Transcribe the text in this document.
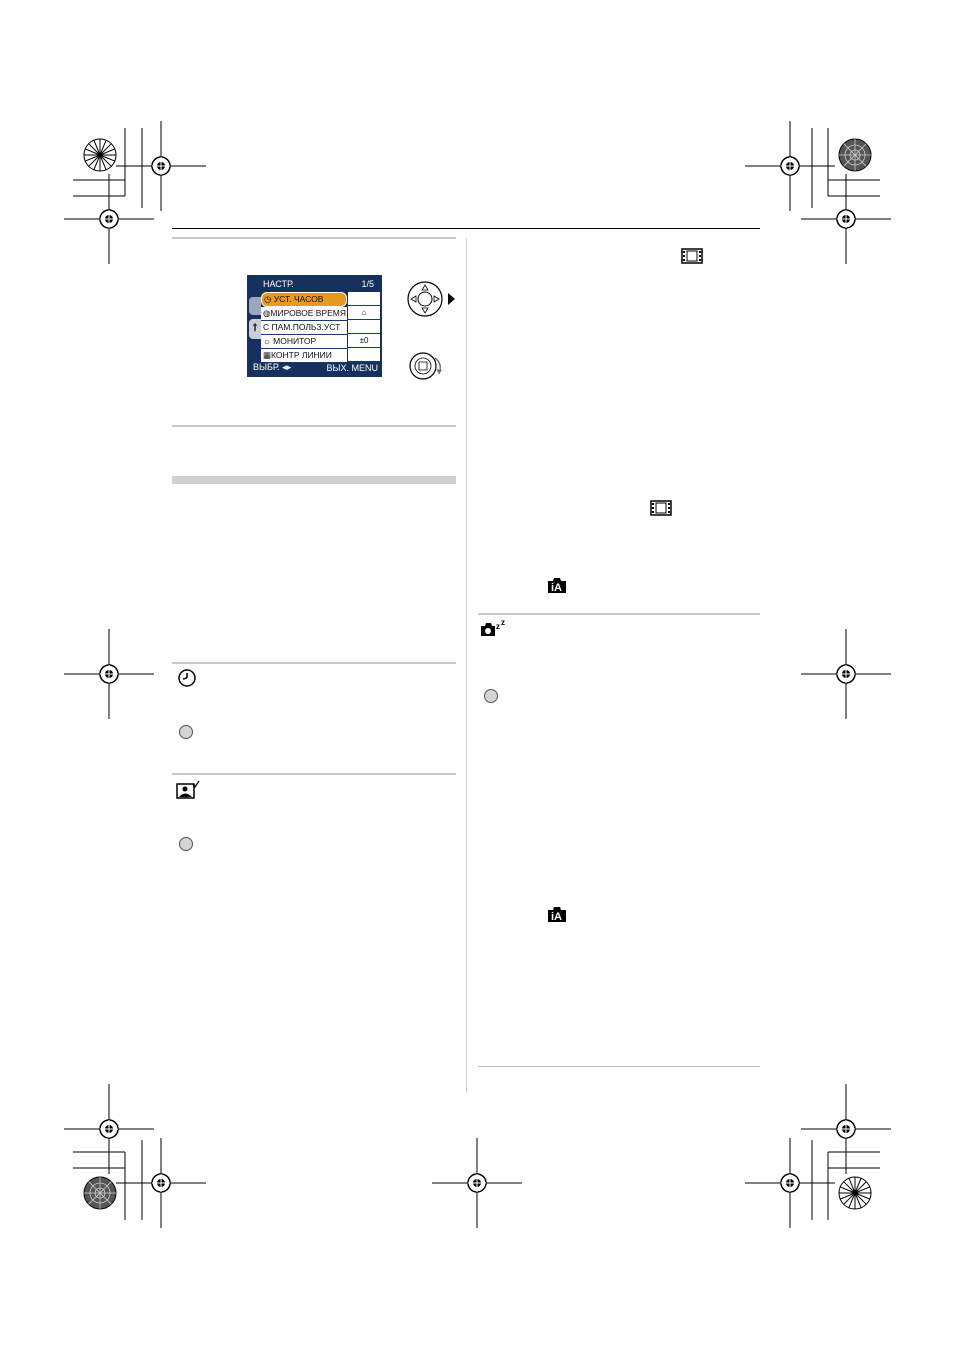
НАСТР.	1/5
ꝉ
◷ УСТ. ЧАСОВ
◍МИРОВОЕ ВРЕМЯ
C ПАМ.ПОЛЬЗ.УСТ
☼ МОНИТОР
▦КОНТР ЛИНИИ
⌂
±0
ВЫБР. ◂▸	ВЫХ. MENU
iA
iA
z z
